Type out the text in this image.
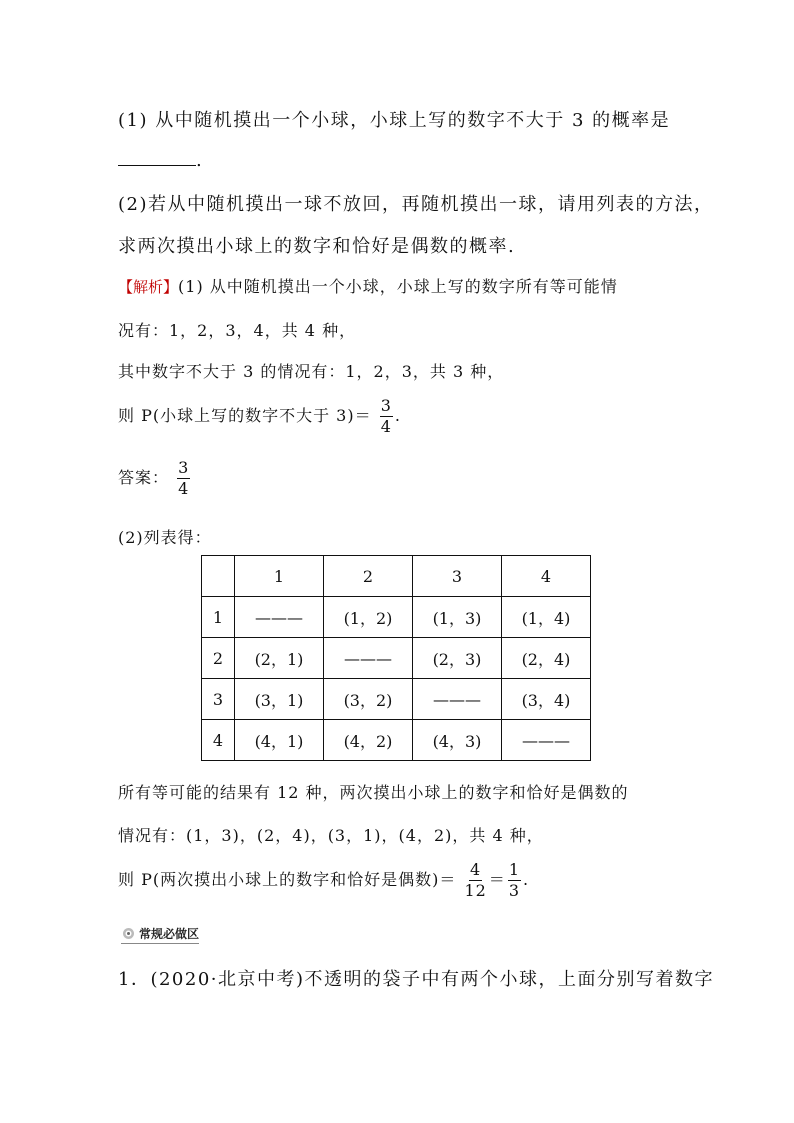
(1) 从中随机摸出一个小球，小球上写的数字不大于 3 的概率是
.
(2)若从中随机摸出一球不放回，再随机摸出一球，请用列表的方法，
求两次摸出小球上的数字和恰好是偶数的概率.
【解析】(1) 从中随机摸出一个小球，小球上写的数字所有等可能情
况有：1，2，3，4，共 4 种，
其中数字不大于 3 的情况有：1，2，3，共 3 种，
则 P(小球上写的数字不大于 $3)= \frac{3}{4}$ .
答案： $\frac{3}{4}$
(2)列表得：
	1	2	3	4
1	———	(1，2)	(1，3)	(1，4)
2	(2，1)	———	(2，3)	(2，4)
3	(3，1)	(3，2)	———	(3，4)
4	(4，1)	(4，2)	(4，3)	———
所有等可能的结果有 12 种，两次摸出小球上的数字和恰好是偶数的
情况有：(1，3)，(2，4)，(3，1)，(4，2)，共 4 种，
则 P(两次摸出小球上的数字和恰好是偶数)＝ $\frac{4}{12} = \frac{1}{3}$ .
常规必做区
1．(2020·北京中考)不透明的袋子中有两个小球，上面分别写着数字
